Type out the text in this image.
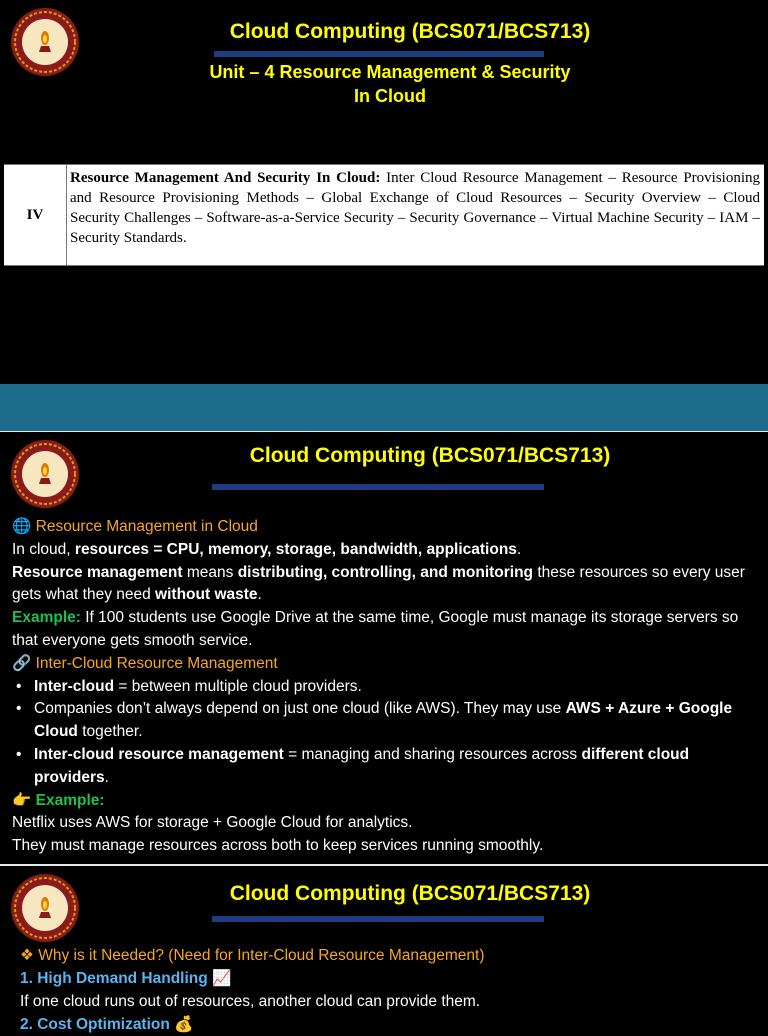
Cloud Computing (BCS071/BCS713)
Unit – 4 Resource Management & Security
In Cloud
IV
Resource Management And Security In Cloud: Inter Cloud Resource Management – Resource Provisioning and Resource Provisioning Methods – Global Exchange of Cloud Resources – Security Overview – Cloud Security Challenges – Software-as-a-Service Security – Security Governance – Virtual Machine Security – IAM – Security Standards.
Cloud Computing (BCS071/BCS713)

🌐 Resource Management in Cloud

In cloud, resources = CPU, memory, storage, bandwidth, applications.

Resource management means distributing, controlling, and monitoring these resources so every user gets what they need without waste.

Example: If 100 students use Google Drive at the same time, Google must manage its storage servers so that everyone gets smooth service.

🔗 Inter-Cloud Resource Management

• Inter-cloud = between multiple cloud providers.
• Companies don’t always depend on just one cloud (like AWS). They may use AWS + Azure + Google Cloud together.
• Inter-cloud resource management = managing and sharing resources across different cloud providers.

👉 Example:

Netflix uses AWS for storage + Google Cloud for analytics.

They must manage resources across both to keep services running smoothly.

Cloud Computing (BCS071/BCS713)

❖ Why is it Needed? (Need for Inter-Cloud Resource Management)

1. High Demand Handling 📈

If one cloud runs out of resources, another cloud can provide them.

2. Cost Optimization 💰
